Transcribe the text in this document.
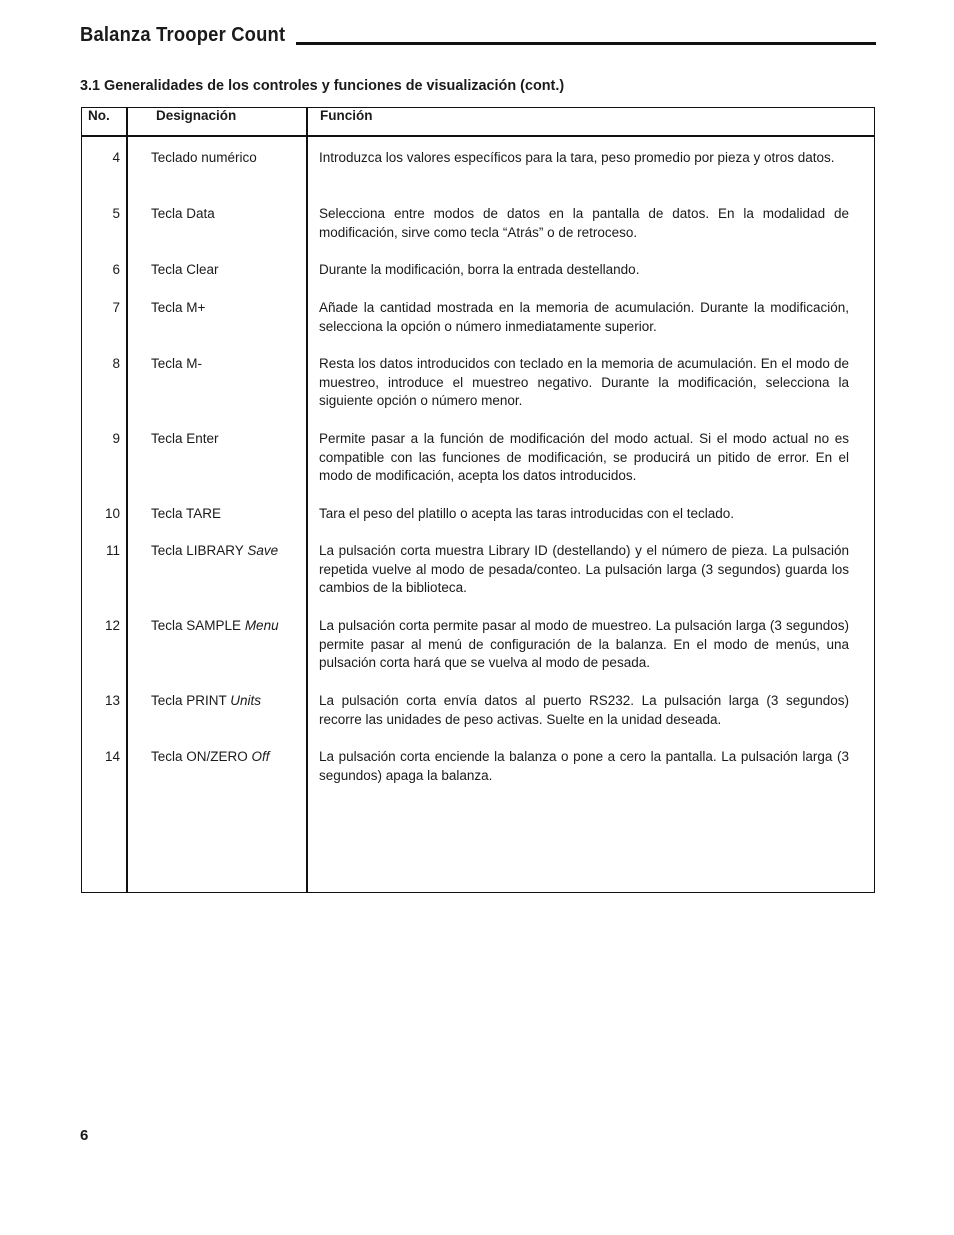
Balanza Trooper Count
3.1 Generalidades de los controles y funciones de visualización (cont.)
No.	Designación	Función
4 Teclado numérico	Introduzca los valores específicos para la tara, peso promedio por pieza y otros datos.
5 Tecla Data	Selecciona entre modos de datos en la pantalla de datos. En la modalidad de modificación, sirve como tecla “Atrás” o de retroceso.
6 Tecla Clear	Durante la modificación, borra la entrada destellando.
7 Tecla M+	Añade la cantidad mostrada en la memoria de acumulación. Durante la modificación, selecciona la opción o número inmediatamente superior.
8 Tecla M-	Resta los datos introducidos con teclado en la memoria de acumulación. En el modo de muestreo, introduce el muestreo negativo. Durante la modificación, selecciona la siguiente opción o número menor.
9 Tecla Enter	Permite pasar a la función de modificación del modo actual. Si el modo actual no es compatible con las funciones de modificación, se producirá un pitido de error. En el modo de modificación, acepta los datos introducidos.
10 Tecla TARE	Tara el peso del platillo o acepta las taras introducidas con el teclado.
11 Tecla LIBRARY Save	La pulsación corta muestra Library ID (destellando) y el número de pieza. La pulsación repetida vuelve al modo de pesada/conteo. La pulsación larga (3 segundos) guarda los cambios de la biblioteca.
12 Tecla SAMPLE Menu	La pulsación corta permite pasar al modo de muestreo. La pulsación larga (3 segundos) permite pasar al menú de configuración de la balanza. En el modo de menús, una pulsación corta hará que se vuelva al modo de pesada.
13 Tecla PRINT Units	La pulsación corta envía datos al puerto RS232. La pulsación larga (3 segundos) recorre las unidades de peso activas. Suelte en la unidad deseada.
14 Tecla ON/ZERO Off	La pulsación corta enciende la balanza o pone a cero la pantalla. La pulsación larga (3 segundos) apaga la balanza.
6
